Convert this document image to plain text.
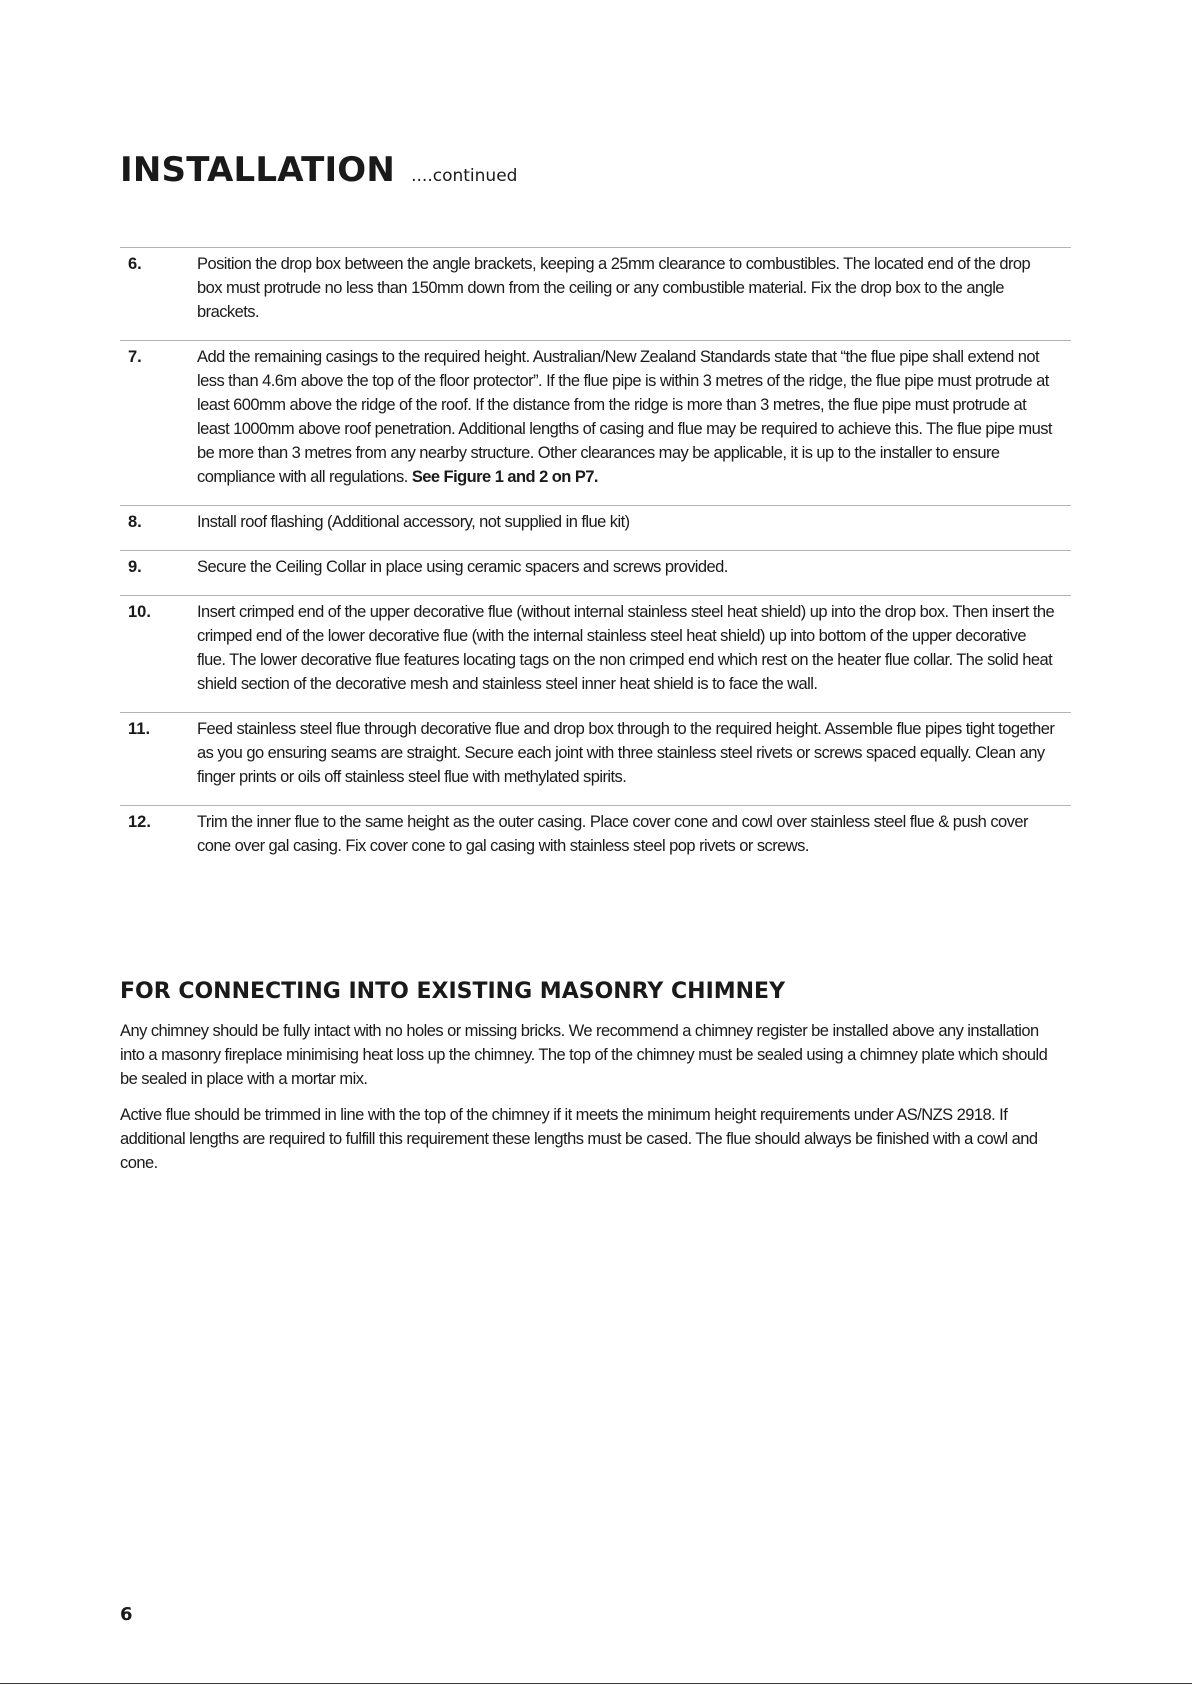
INSTALLATION ....continued
6.	Position the drop box between the angle brackets, keeping a 25mm clearance to combustibles. The located end of the drop box must protrude no less than 150mm down from the ceiling or any combustible material. Fix the drop box to the angle brackets.
7.	Add the remaining casings to the required height. Australian/New Zealand Standards state that “the flue pipe shall extend not less than 4.6m above the top of the floor protector”. If the flue pipe is within 3 metres of the ridge, the flue pipe must protrude at least 600mm above the ridge of the roof. If the distance from the ridge is more than 3 metres, the flue pipe must protrude at least 1000mm above roof penetration. Additional lengths of casing and flue may be required to achieve this. The flue pipe must be more than 3 metres from any nearby structure. Other clearances may be applicable, it is up to the installer to ensure compliance with all regulations. See Figure 1 and 2 on P7.
8.	Install roof flashing (Additional accessory, not supplied in flue kit)
9.	Secure the Ceiling Collar in place using ceramic spacers and screws provided.
10.	Insert crimped end of the upper decorative flue (without internal stainless steel heat shield) up into the drop box. Then insert the crimped end of the lower decorative flue (with the internal stainless steel heat shield) up into bottom of the upper decorative flue. The lower decorative flue features locating tags on the non crimped end which rest on the heater flue collar. The solid heat shield section of the decorative mesh and stainless steel inner heat shield is to face the wall.
11.	Feed stainless steel flue through decorative flue and drop box through to the required height. Assemble flue pipes tight together as you go ensuring seams are straight. Secure each joint with three stainless steel rivets or screws spaced equally. Clean any finger prints or oils off stainless steel flue with methylated spirits.
12.	Trim the inner flue to the same height as the outer casing. Place cover cone and cowl over stainless steel flue & push cover cone over gal casing. Fix cover cone to gal casing with stainless steel pop rivets or screws.
FOR CONNECTING INTO EXISTING MASONRY CHIMNEY

Any chimney should be fully intact with no holes or missing bricks. We recommend a chimney register be installed above any installation into a masonry fireplace minimising heat loss up the chimney. The top of the chimney must be sealed using a chimney plate which should be sealed in place with a mortar mix.

Active flue should be trimmed in line with the top of the chimney if it meets the minimum height requirements under AS/NZS 2918. If additional lengths are required to fulfill this requirement these lengths must be cased. The flue should always be finished with a cowl and cone.

6
